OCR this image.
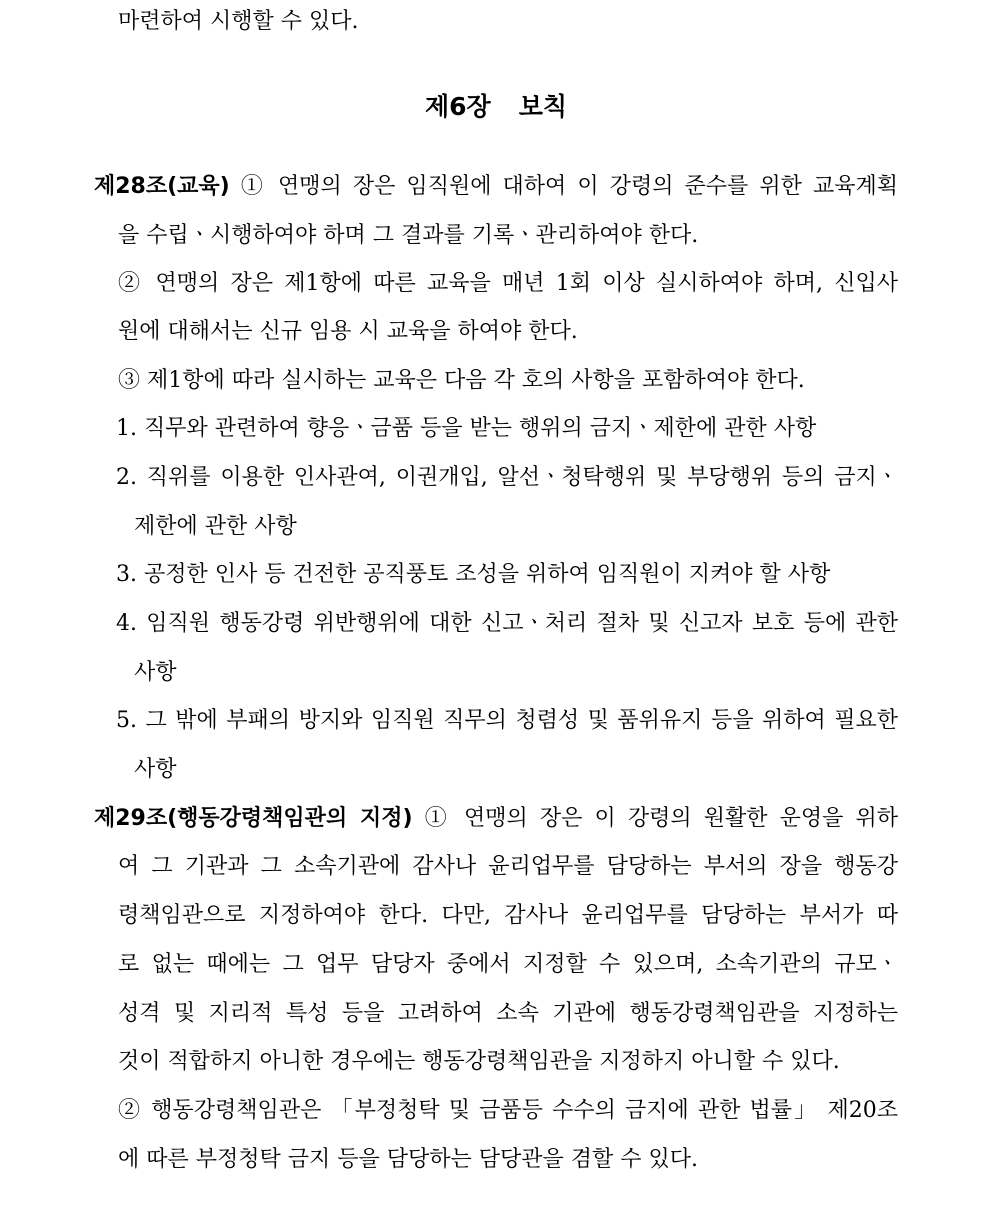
마련하여 시행할 수 있다.
제6장 보칙
제28조(교육) ① 연맹의 장은 임직원에 대하여 이 강령의 준수를 위한 교육계획
을 수립ㆍ시행하여야 하며 그 결과를 기록ㆍ관리하여야 한다.
② 연맹의 장은 제1항에 따른 교육을 매년 1회 이상 실시하여야 하며, 신입사
원에 대해서는 신규 임용 시 교육을 하여야 한다.
③ 제1항에 따라 실시하는 교육은 다음 각 호의 사항을 포함하여야 한다.
1. 직무와 관련하여 향응ㆍ금품 등을 받는 행위의 금지ㆍ제한에 관한 사항
2. 직위를 이용한 인사관여, 이권개입, 알선ㆍ청탁행위 및 부당행위 등의 금지ㆍ
제한에 관한 사항
3. 공정한 인사 등 건전한 공직풍토 조성을 위하여 임직원이 지켜야 할 사항
4. 임직원 행동강령 위반행위에 대한 신고ㆍ처리 절차 및 신고자 보호 등에 관한
사항
5. 그 밖에 부패의 방지와 임직원 직무의 청렴성 및 품위유지 등을 위하여 필요한
사항
제29조(행동강령책임관의 지정) ① 연맹의 장은 이 강령의 원활한 운영을 위하
여 그 기관과 그 소속기관에 감사나 윤리업무를 담당하는 부서의 장을 행동강
령책임관으로 지정하여야 한다. 다만, 감사나 윤리업무를 담당하는 부서가 따
로 없는 때에는 그 업무 담당자 중에서 지정할 수 있으며, 소속기관의 규모ㆍ
성격 및 지리적 특성 등을 고려하여 소속 기관에 행동강령책임관을 지정하는
것이 적합하지 아니한 경우에는 행동강령책임관을 지정하지 아니할 수 있다.
② 행동강령책임관은 「부정청탁 및 금품등 수수의 금지에 관한 법률」 제20조
에 따른 부정청탁 금지 등을 담당하는 담당관을 겸할 수 있다.
